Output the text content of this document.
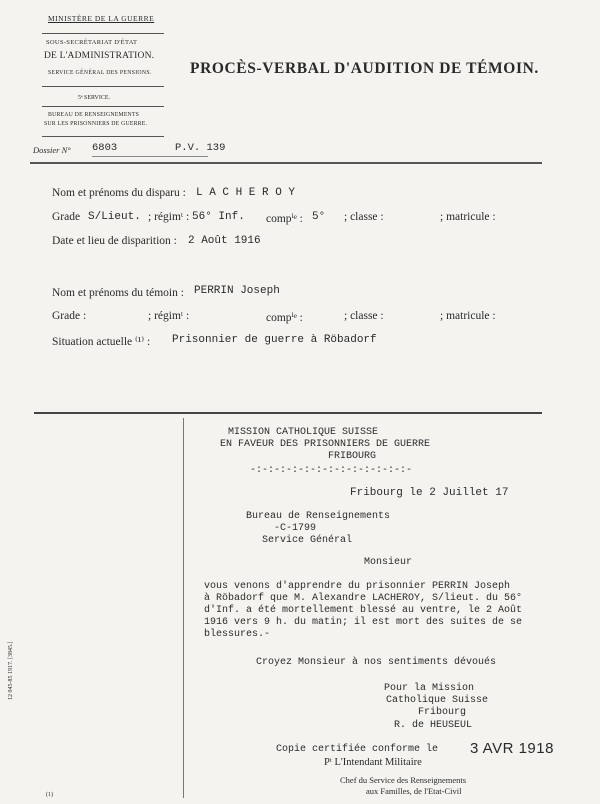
MINISTÈRE DE LA GUERRE
SOUS-SECRÉTARIAT D'ÉTAT
DE L'ADMINISTRATION.
SERVICE GÉNÉRAL DES PENSIONS.
5ᵉ SERVICE.
BUREAU DE RENSEIGNEMENTS
SUR LES PRISONNIERS DE GUERRE.
Dossier N° 6803	P.V. 139
PROCÈS-VERBAL D'AUDITION DE TÉMOIN.
Nom et prénoms du disparu : L A C H E R O Y
Grade S/Lieut. ; régimᵗ : 56° Inf. compⁱᵉ : 5° ; classe :	; matricule :
Date et lieu de disparition : 2 Août 1916
Nom et prénoms du témoin : PERRIN Joseph
Grade :	; régimᵗ :	compⁱᵉ :	; classe :	; matricule :
Situation actuelle ⁽¹⁾ : Prisonnier de guerre à Röbadorf
MISSION CATHOLIQUE SUISSE
EN FAVEUR DES PRISONNIERS DE GUERRE
FRIBOURG
-:-:-:-:-:-:-:-:-:-:-:-:-:-
Fribourg le 2 Juillet 17
Bureau de Renseignements
-C-1799
Service Général
Monsieur
vous venons d'apprendre du prisonnier PERRIN Joseph
à Röbadorf que M. Alexandre LACHEROY, S/lieut. du 56°
d'Inf. a été mortellement blessé au ventre, le 2 Août
1916 vers 9 h. du matin; il est mort des suites de se
blessures.-
Croyez Monsieur à nos sentiments dévoués
Pour la Mission
Catholique Suisse
Fribourg
R. de HEUSEUL
Copie certifiée conforme le 3 AVR 1918
Pᵗ L'Intendant Militaire
Chef du Service des Renseignements
aux Familles, de l'Etat-Civil
12 045-85 1917. [3845.]
(1)
